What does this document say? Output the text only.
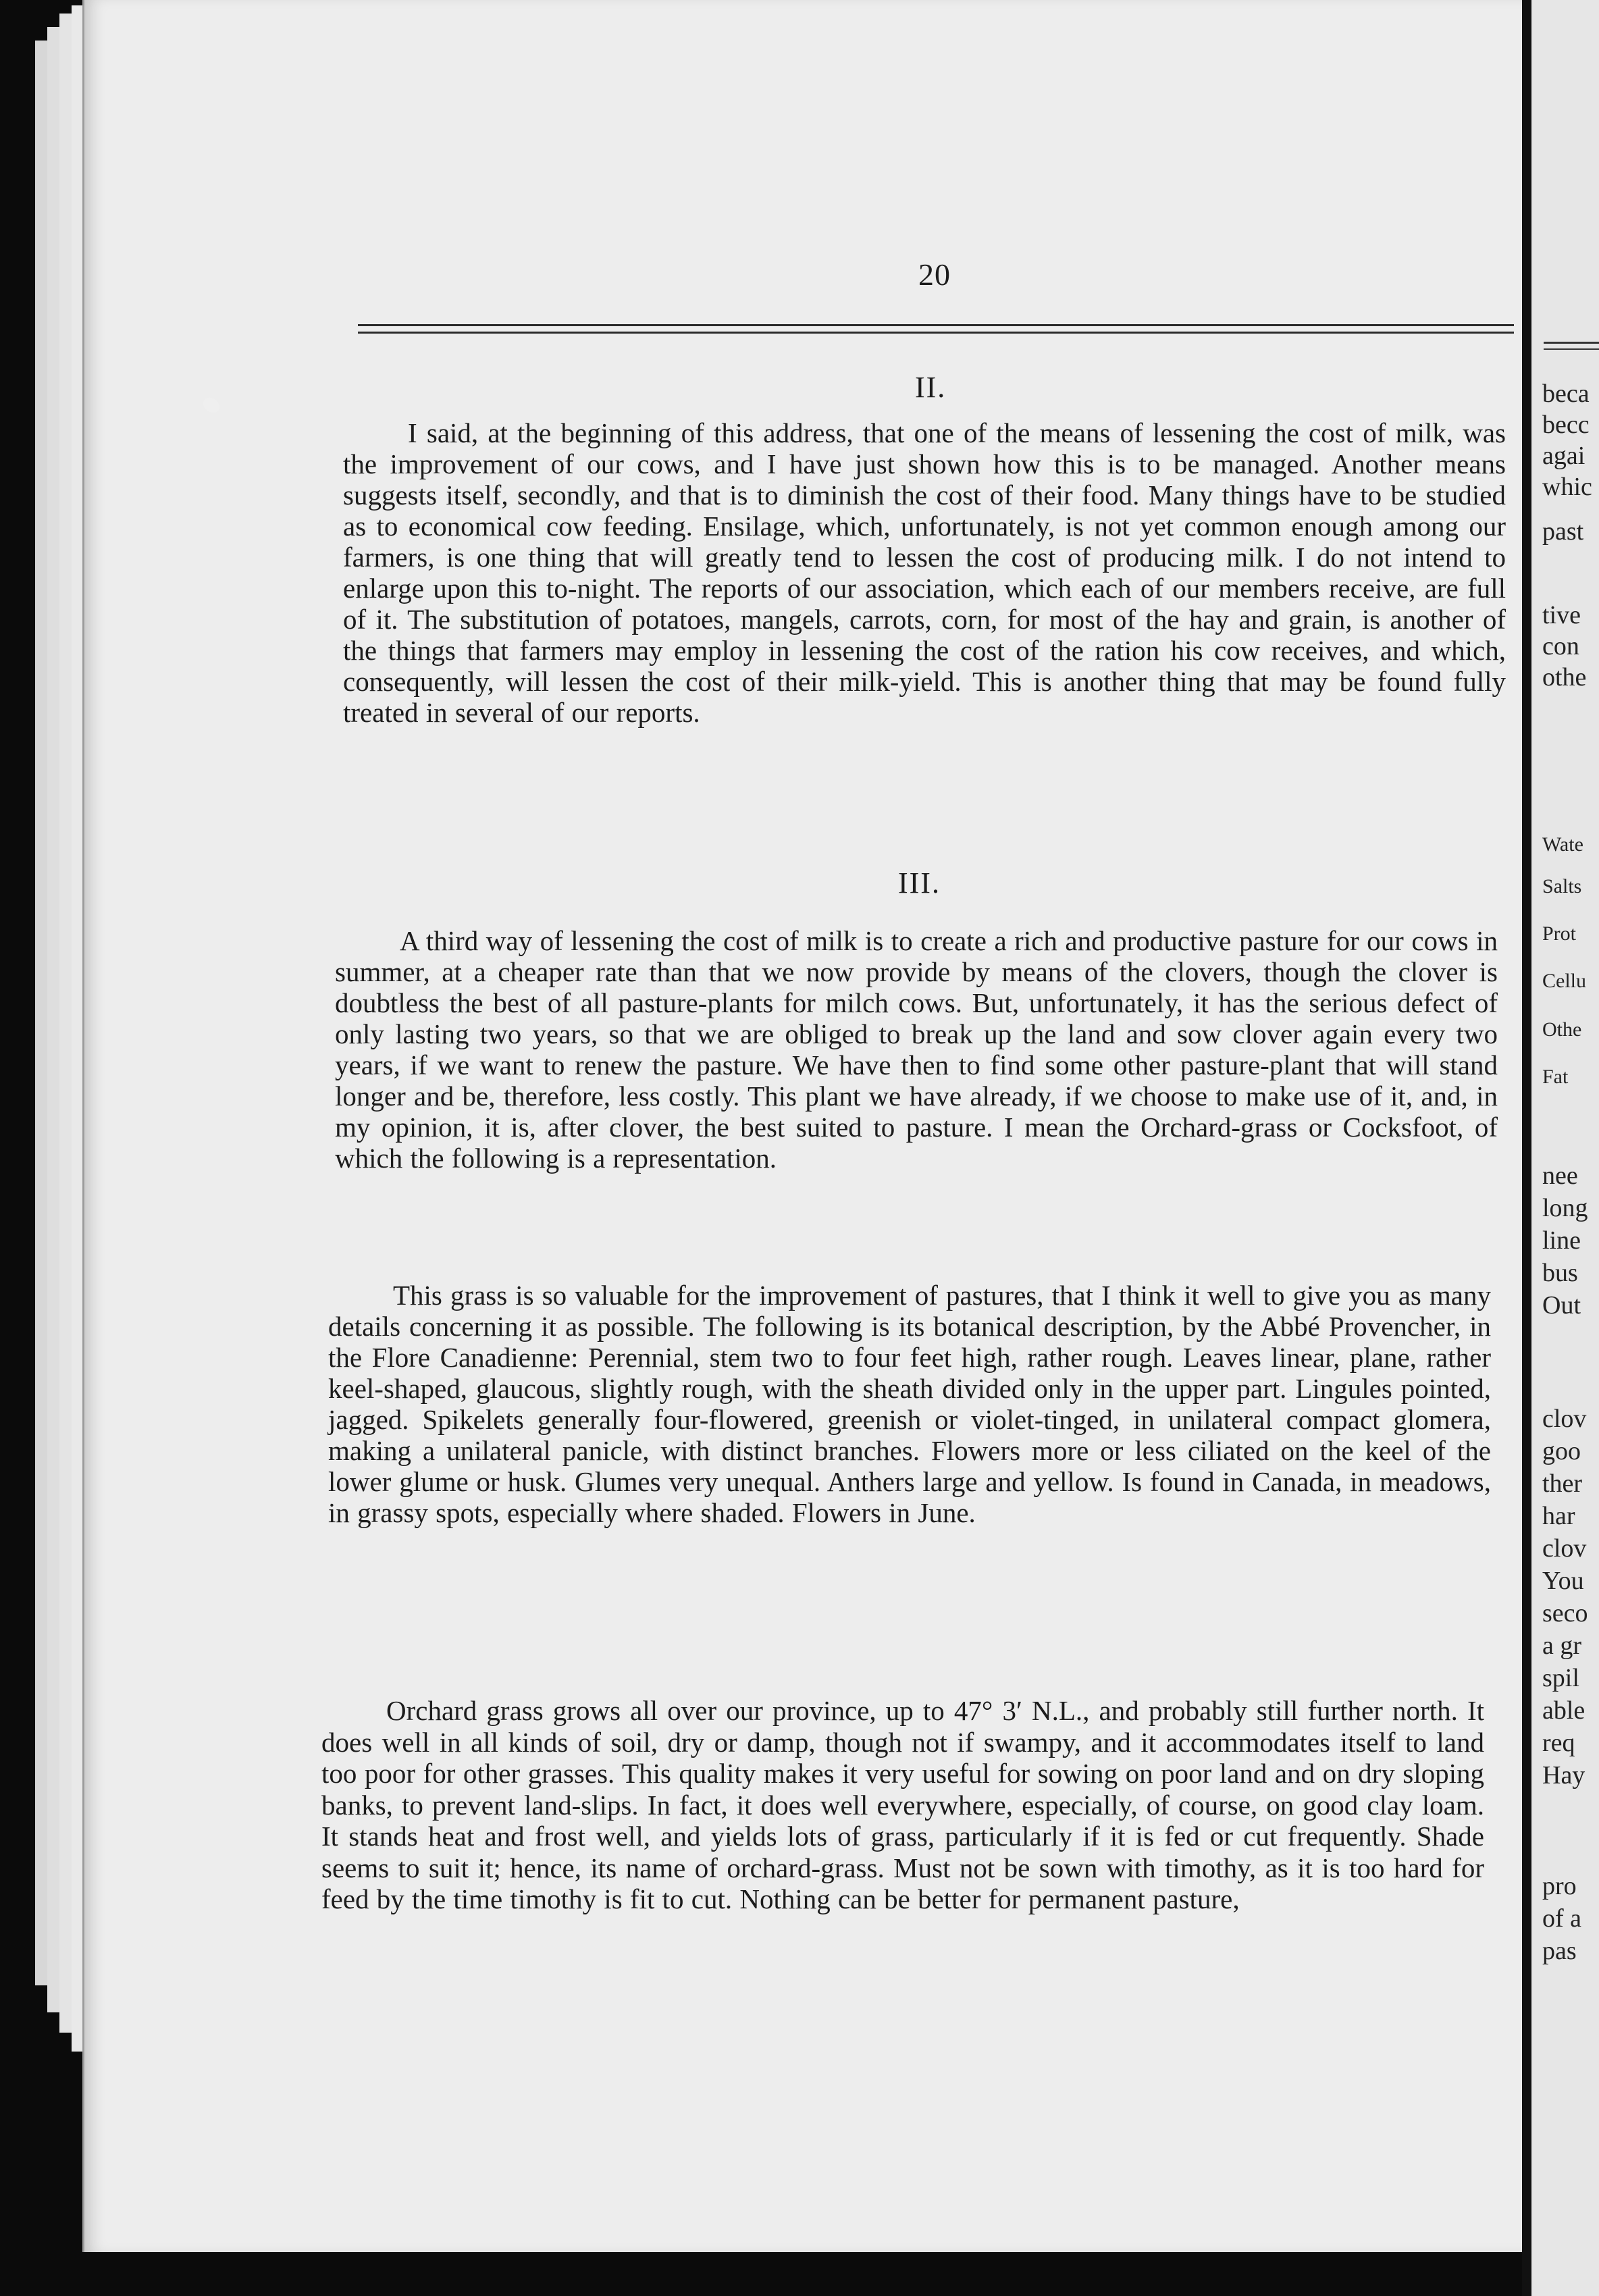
20
II.

I said, at the beginning of this address, that one of the means of lessening the cost of milk, was the improvement of our cows, and I have just shown how this is to be managed. Another means suggests itself, secondly, and that is to diminish the cost of their food. Many things have to be studied as to economical cow feeding. Ensilage, which, unfortunately, is not yet common enough among our farmers, is one thing that will greatly tend to lessen the cost of producing milk. I do not intend to enlarge upon this to-night. The reports of our association, which each of our members receive, are full of it. The substitution of potatoes, mangels, carrots, corn, for most of the hay and grain, is another of the things that farmers may employ in lessening the cost of the ration his cow receives, and which, consequently, will lessen the cost of their milk-yield. This is another thing that may be found fully treated in several of our reports.

III.

A third way of lessening the cost of milk is to create a rich and productive pasture for our cows in summer, at a cheaper rate than that we now provide by means of the clovers, though the clover is doubtless the best of all pasture-plants for milch cows. But, unfortunately, it has the serious defect of only lasting two years, so that we are obliged to break up the land and sow clover again every two years, if we want to renew the pasture. We have then to find some other pasture-plant that will stand longer and be, therefore, less costly. This plant we have already, if we choose to make use of it, and, in my opinion, it is, after clover, the best suited to pasture. I mean the Orchard-grass or Cocksfoot, of which the following is a representation.

This grass is so valuable for the improvement of pastures, that I think it well to give you as many details concerning it as possible. The following is its botanical description, by the Abbé Provencher, in the Flore Canadienne: Perennial, stem two to four feet high, rather rough. Leaves linear, plane, rather keel-shaped, glaucous, slightly rough, with the sheath divided only in the upper part. Lingules pointed, jagged. Spikelets generally four-flowered, greenish or violet-tinged, in unilateral compact glomera, making a unilateral panicle, with distinct branches. Flowers more or less ciliated on the keel of the lower glume or husk. Glumes very unequal. Anthers large and yellow. Is found in Canada, in meadows, in grassy spots, especially where shaded. Flowers in June.

Orchard grass grows all over our province, up to 47° 3′ N.L., and probably still further north. It does well in all kinds of soil, dry or damp, though not if swampy, and it accommodates itself to land too poor for other grasses. This quality makes it very useful for sowing on poor land and on dry sloping banks, to prevent land-slips. In fact, it does well everywhere, especially, of course, on good clay loam. It stands heat and frost well, and yields lots of grass, particularly if it is fed or cut frequently. Shade seems to suit it; hence, its name of orchard-grass. Must not be sown with timothy, as it is too hard for feed by the time timothy is fit to cut. Nothing can be better for permanent pasture,

beca
becc
agai
whic
past
tive
con
othe
Wate
Salts
Prot
Cellu
Othe
Fat
nee
long
line
bus
Out
clov
goo
ther
har
clov
You
seco
a gr
spil
able
req
Hay
pro
of a
pas
